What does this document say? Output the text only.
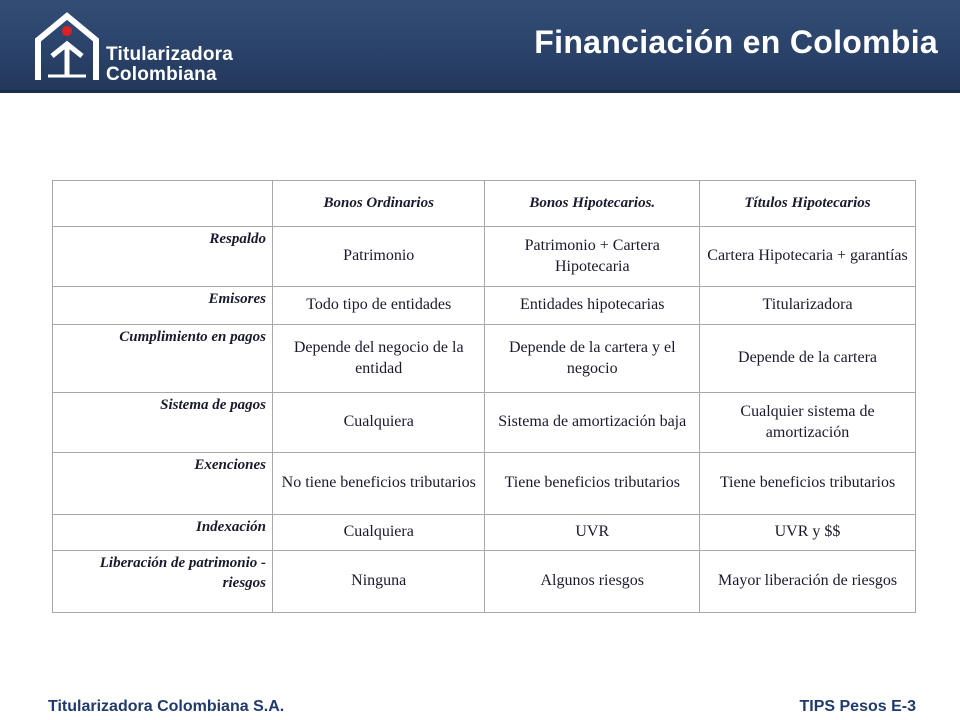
Titularizadora
Colombiana
Financiación en Colombia
	Bonos Ordinarios	Bonos Hipotecarios.	Títulos Hipotecarios
Respaldo	Patrimonio	Patrimonio + Cartera Hipotecaria	Cartera Hipotecaria + garantías
Emisores	Todo tipo de entidades	Entidades hipotecarias	Titularizadora
Cumplimiento en pagos	Depende del negocio de la entidad	Depende de la cartera y el negocio	Depende de la cartera
Sistema de pagos	Cualquiera	Sistema de amortización baja	Cualquier sistema de amortización
Exenciones	No tiene beneficios tributarios	Tiene beneficios tributarios	Tiene beneficios tributarios
Indexación	Cualquiera	UVR	UVR y $$
Liberación de patrimonio -riesgos	Ninguna	Algunos riesgos	Mayor liberación de riesgos
Titularizadora Colombiana S.A.	TIPS Pesos E-3
